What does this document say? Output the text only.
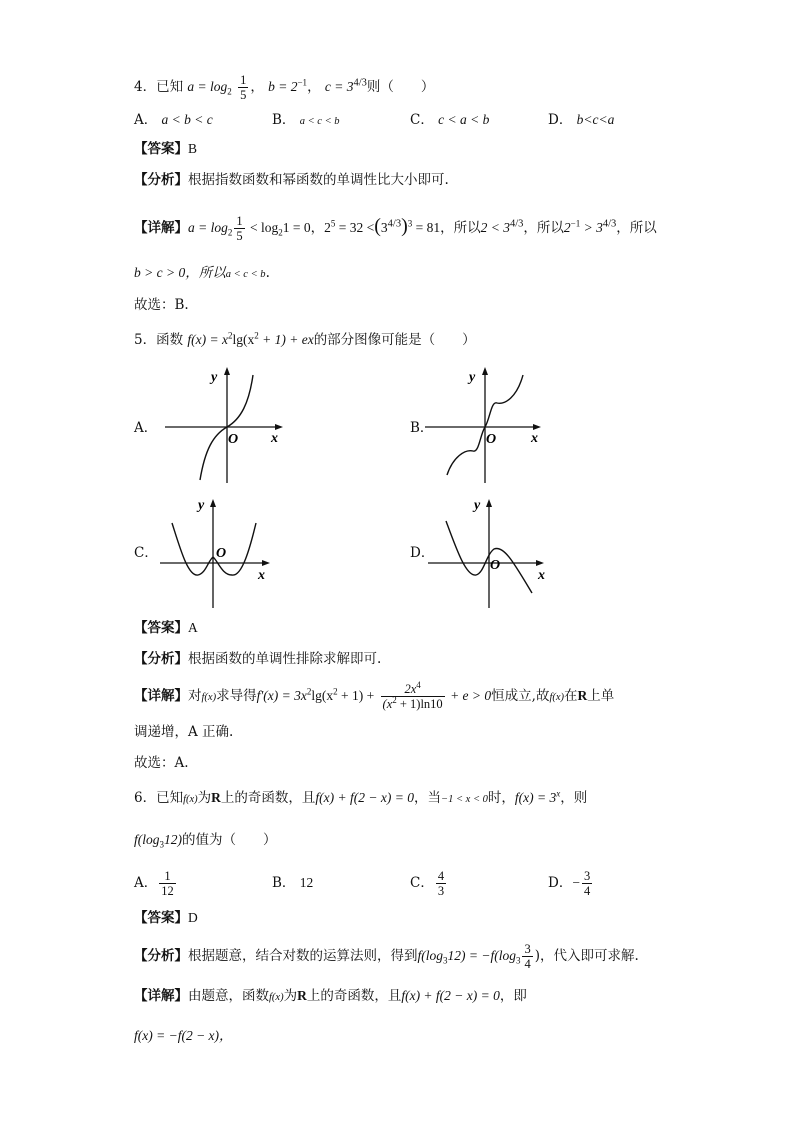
4．已知 $a = \log_2 \frac{1}{5}$ ， $b = 2^{-1}$， $c = 3^{4/3}$则（　　）
A． a < b < c	B． a < c < b	C． c < a < b	D． b<c<a
【答案】B
【分析】根据指数函数和幂函数的单调性比大小即可.
【详解】$a = \log_2 \frac{1}{5} < \log_21 = 0$，$2^5 = 32 <(3^{4/3})^3 = 81$，所以$2 < 3^{4/3}$，所以$2^{-1} > 3^{4/3}$，所以
b > c > 0，所以a < c < b.
故选：B.
5．函数 $f(x) = x^2\lg(x^2 + 1)$ + ex的部分图像可能是（　　）
A．
y
x
O
B．
y
x
O
C．
y
x
O	D．
y
x
O
【答案】A
【分析】根据函数的单调性排除求解即可.
【详解】对f(x)求导得$f'(x) = 3x^2\lg(x^2 + 1) + \frac{2x^4}{(x^2 + 1)\ln 10} + e > 0$恒成立,故f(x)在R上单
调递增，A 正确.
故选：A.
6．已知f(x)为R上的奇函数，且f(x) + f(2 − x) = 0，当−1 < x < 0时，$f(x) = 3^x$，则
$f(\log_312)$的值为（　　）
A． $\frac{1}{12}$	B． 12	C． $\frac{4}{3}$	D．− $\frac{3}{4}$
【答案】D
【分析】根据题意，结合对数的运算法则，得到$f(\log_312) = -f(\log_3 \frac{3}{4}$ )，代入即可求解.
【详解】由题意，函数f(x)为R上的奇函数，且f(x) + f(2 − x) = 0，即
f(x) = −f(2 − x)，
